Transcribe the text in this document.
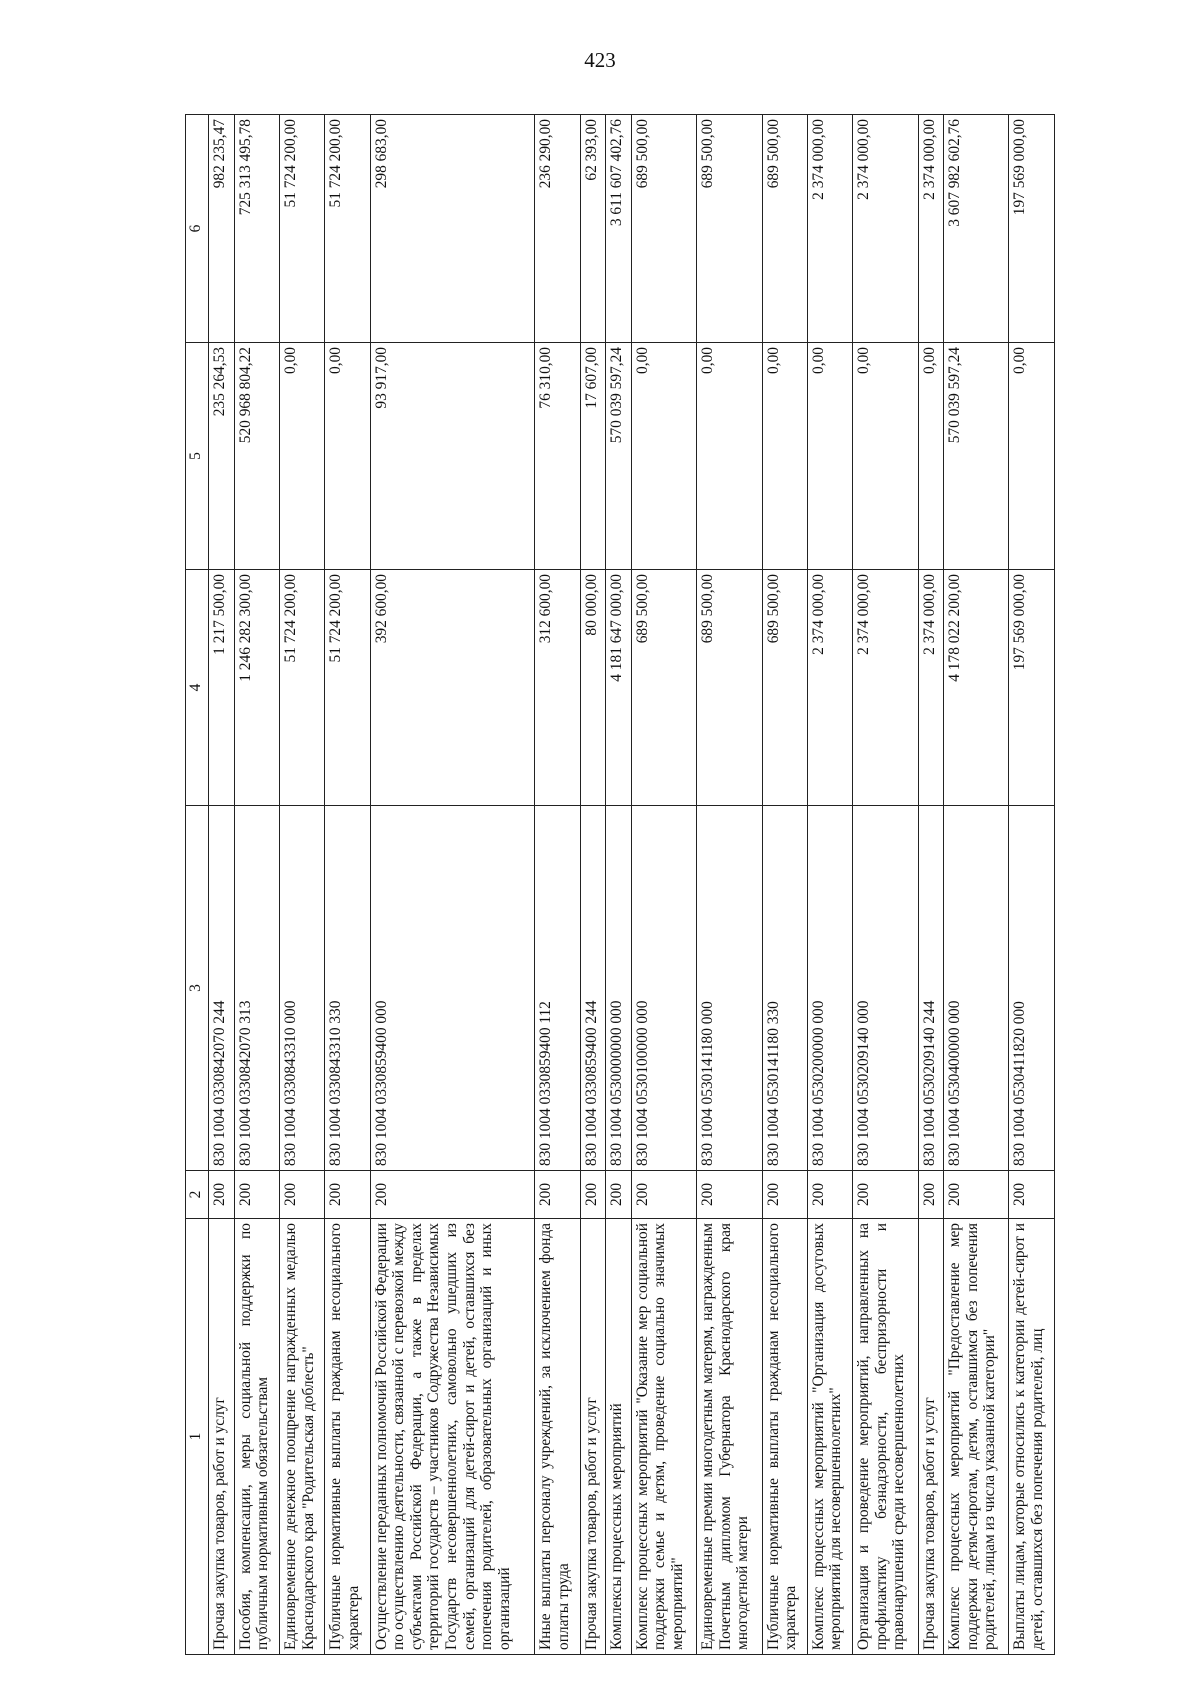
423
1	2	3	4	5	6
Прочая закупка товаров, работ и услуг	200	830 1004 0330842070 244	1 217 500,00	235 264,53	982 235,47
Пособия, компенсации, меры социальной поддержки по публичным нормативным обязательствам	200	830 1004 0330842070 313	1 246 282 300,00	520 968 804,22	725 313 495,78
Единовременное денежное поощрение награжденных медалью Краснодарского края "Родительская доблесть"	200	830 1004 0330843310 000	51 724 200,00	0,00	51 724 200,00
Публичные нормативные выплаты гражданам несоциального характера	200	830 1004 0330843310 330	51 724 200,00	0,00	51 724 200,00
Осуществление переданных полномочий Российской Федерации по осуществлению деятельности, связанной с перевозкой между субъектами Российской Федерации, а также в пределах территорий государств – участников Содружества Независимых Государств несовершеннолетних, самовольно ушедших из семей, организаций для детей-сирот и детей, оставшихся без попечения родителей, образовательных организаций и иных организаций	200	830 1004 0330859400 000	392 600,00	93 917,00	298 683,00
Иные выплаты персоналу учреждений, за исключением фонда оплаты труда	200	830 1004 0330859400 112	312 600,00	76 310,00	236 290,00
Прочая закупка товаров, работ и услуг	200	830 1004 0330859400 244	80 000,00	17 607,00	62 393,00
Комплексы процессных мероприятий	200	830 1004 0530000000 000	4 181 647 000,00	570 039 597,24	3 611 607 402,76
Комплекс процессных мероприятий "Оказание мер социальной поддержки семье и детям, проведение социально значимых мероприятий"	200	830 1004 0530100000 000	689 500,00	0,00	689 500,00
Единовременные премии многодетным матерям, награжденным Почетным дипломом Губернатора Краснодарского края многодетной матери	200	830 1004 0530141180 000	689 500,00	0,00	689 500,00
Публичные нормативные выплаты гражданам несоциального характера	200	830 1004 0530141180 330	689 500,00	0,00	689 500,00
Комплекс процессных мероприятий "Организация досуговых мероприятий для несовершеннолетних"	200	830 1004 0530200000 000	2 374 000,00	0,00	2 374 000,00
Организация и проведение мероприятий, направленных на профилактику безнадзорности, беспризорности и правонарушений среди несовершеннолетних	200	830 1004 0530209140 000	2 374 000,00	0,00	2 374 000,00
Прочая закупка товаров, работ и услуг	200	830 1004 0530209140 244	2 374 000,00	0,00	2 374 000,00
Комплекс процессных мероприятий "Предоставление мер поддержки детям-сиротам, детям, оставшимся без попечения родителей, лицам из числа указанной категории"	200	830 1004 0530400000 000	4 178 022 200,00	570 039 597,24	3 607 982 602,76
Выплаты лицам, которые относились к категории детей-сирот и детей, оставшихся без попечения родителей, лиц	200	830 1004 0530411820 000	197 569 000,00	0,00	197 569 000,00
